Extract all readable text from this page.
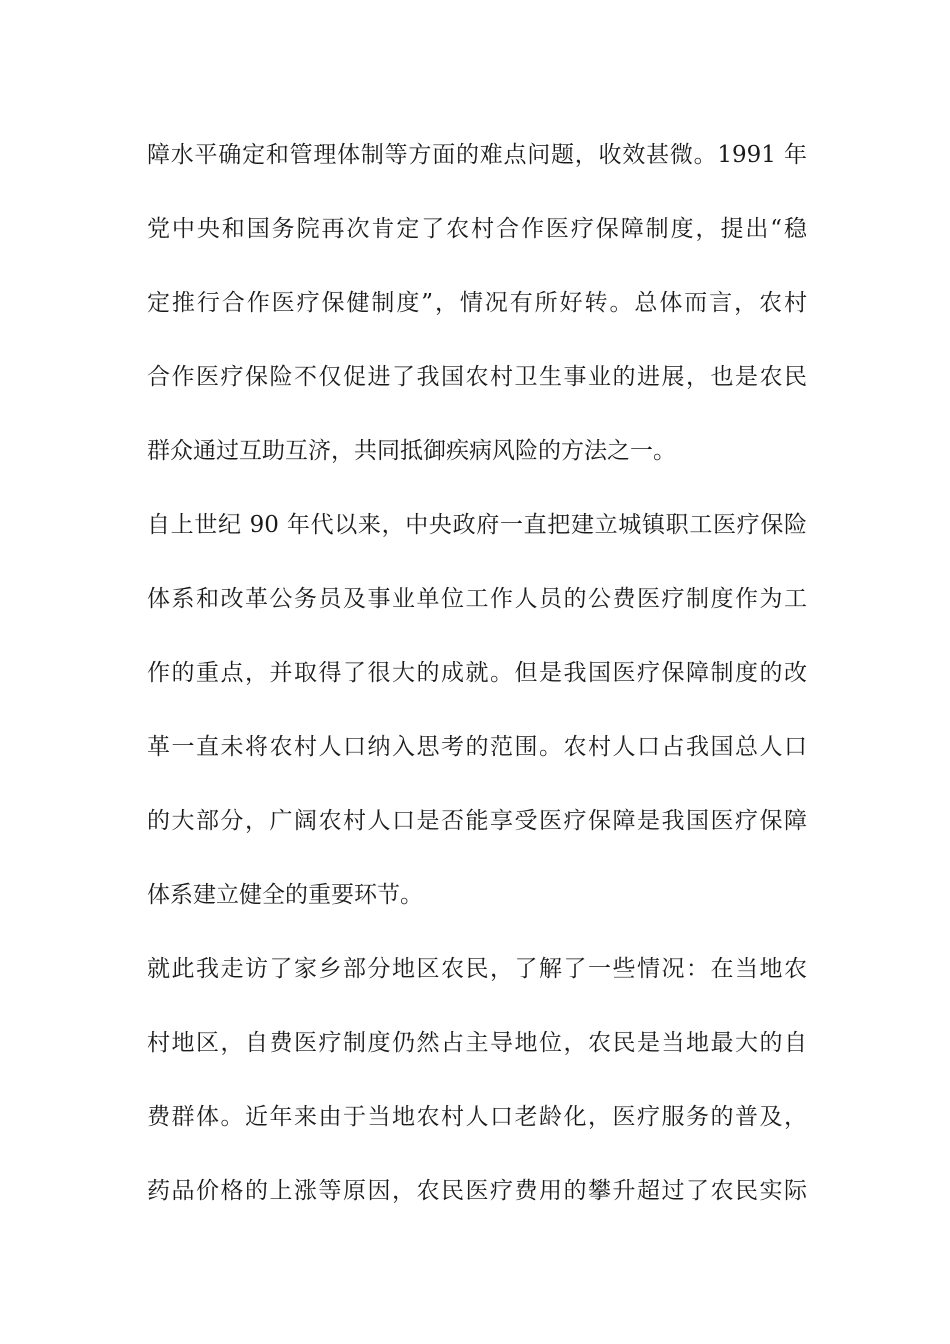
障水平确定和管理体制等方面的难点问题，收效甚微。1991 年
党中央和国务院再次肯定了农村合作医疗保障制度，提出“稳
定推行合作医疗保健制度”，情况有所好转。总体而言，农村
合作医疗保险不仅促进了我国农村卫生事业的进展，也是农民
群众通过互助互济，共同抵御疾病风险的方法之一。
自上世纪 90 年代以来，中央政府一直把建立城镇职工医疗保险
体系和改革公务员及事业单位工作人员的公费医疗制度作为工
作的重点，并取得了很大的成就。但是我国医疗保障制度的改
革一直未将农村人口纳入思考的范围。农村人口占我国总人口
的大部分，广阔农村人口是否能享受医疗保障是我国医疗保障
体系建立健全的重要环节。
就此我走访了家乡部分地区农民，了解了一些情况：在当地农
村地区，自费医疗制度仍然占主导地位，农民是当地最大的自
费群体。近年来由于当地农村人口老龄化，医疗服务的普及，
药品价格的上涨等原因，农民医疗费用的攀升超过了农民实际
